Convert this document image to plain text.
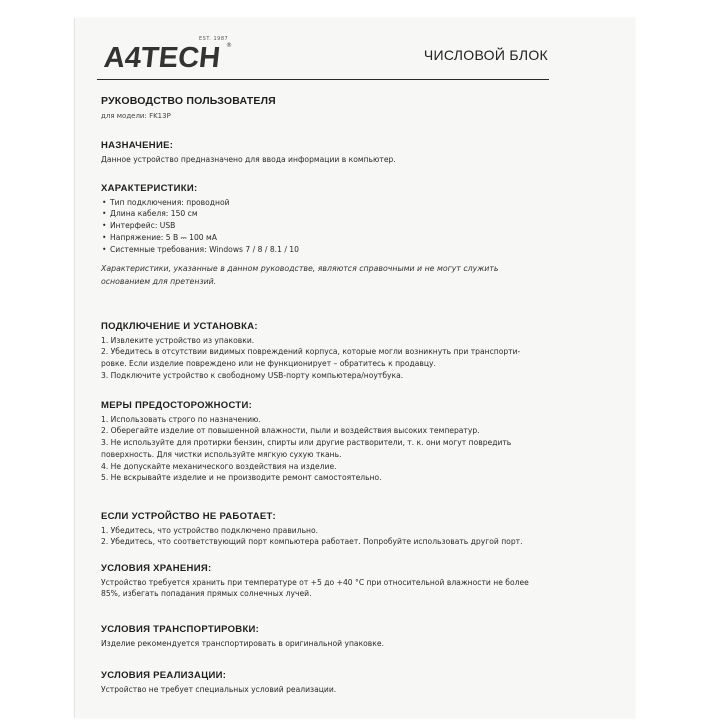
EST. 1987
A4TECH ®
ЧИСЛОВОЙ БЛОК
РУКОВОДСТВО ПОЛЬЗОВАТЕЛЯ
для модели: FK13P
НАЗНАЧЕНИЕ:

Данное устройство предназначено для ввода информации в компьютер.

ХАРАКТЕРИСТИКИ:
• Тип подключения: проводной
• Длина кабеля: 150 см
• Интерфейс: USB
• Напряжение: 5 В ⎓ 100 мА
• Системные требования: Windows 7 / 8 / 8.1 / 10
Характеристики, указанные в данном руководстве, являются справочными и не могут служить
основанием для претензий.
ПОДКЛЮЧЕНИЕ И УСТАНОВКА:
1. Извлеките устройство из упаковки.
2. Убедитесь в отсутствии видимых повреждений корпуса, которые могли возникнуть при транспорти-
ровке. Если изделие повреждено или не функционирует – обратитесь к продавцу.
3. Подключите устройство к свободному USB-порту компьютера/ноутбука.
МЕРЫ ПРЕДОСТОРОЖНОСТИ:
1. Использовать строго по назначению.
2. Оберегайте изделие от повышенной влажности, пыли и воздействия высоких температур.
3. Не используйте для протирки бензин, спирты или другие растворители, т. к. они могут повредить
поверхность. Для чистки используйте мягкую сухую ткань.
4. Не допускайте механического воздействия на изделие.
5. Не вскрывайте изделие и не производите ремонт самостоятельно.
ЕСЛИ УСТРОЙСТВО НЕ РАБОТАЕТ:
1. Убедитесь, что устройство подключено правильно.
2. Убедитесь, что соответствующий порт компьютера работает. Попробуйте использовать другой порт.
УСЛОВИЯ ХРАНЕНИЯ:

Устройство требуется хранить при температуре от +5 до +40 °С при относительной влажности не более

85%, избегать попадания прямых солнечных лучей.

УСЛОВИЯ ТРАНСПОРТИРОВКИ:

Изделие рекомендуется транспортировать в оригинальной упаковке.

УСЛОВИЯ РЕАЛИЗАЦИИ:

Устройство не требует специальных условий реализации.
